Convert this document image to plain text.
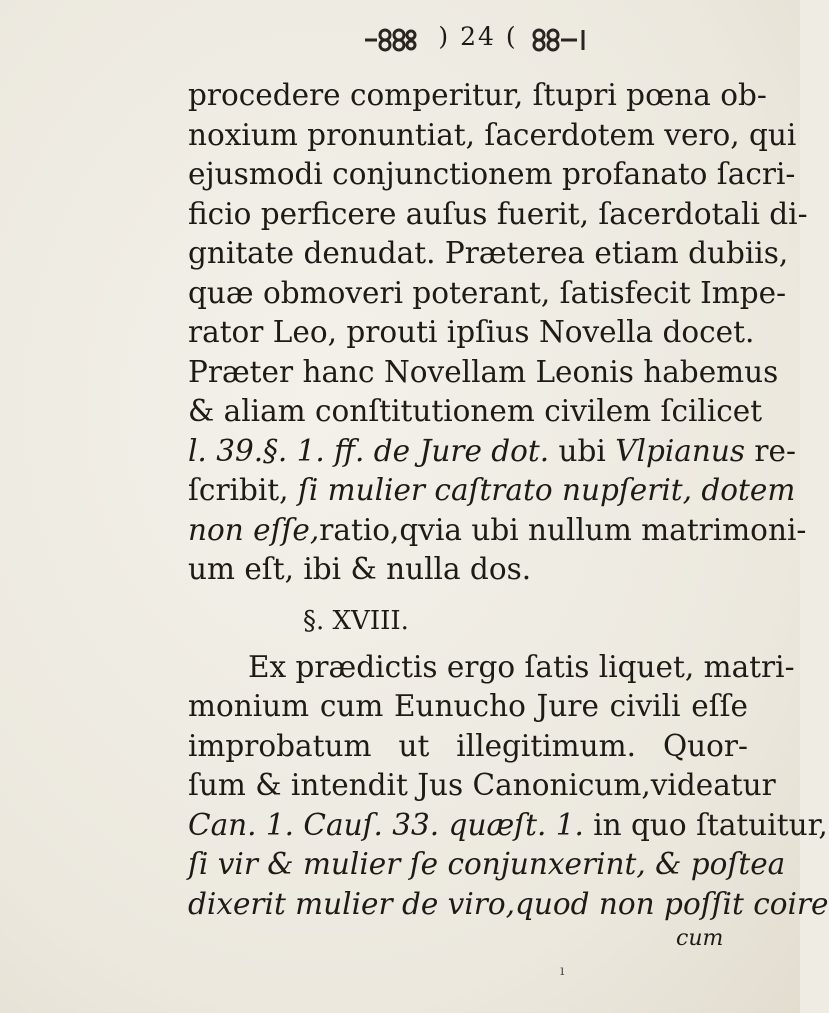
) 24 (
procedere comperitur, ſtupri pœna ob-
noxium pronuntiat, ſacerdotem vero, qui
ejusmodi conjunctionem profanato ſacri-
ficio perficere auſus fuerit, ſacerdotali di-
gnitate denudat. Præterea etiam dubiis,
quæ obmoveri poterant, ſatisfecit Impe-
rator Leo, prouti ipſius Novella docet.
Præter hanc Novellam Leonis habemus
& aliam conſtitutionem civilem ſcilicet
l. 39.§. 1. ff. de Jure dot. ubi Vlpianus re-
ſcribit, ſi mulier caſtrato nupſerit, dotem
non eſſe,ratio,qvia ubi nullum matrimoni-
um eſt, ibi & nulla dos.
§. XVIII.
Ex prædictis ergo ſatis liquet, matri-
monium cum Eunucho Jure civili eſſe
improbatum ut illegitimum. Quor-
ſum & intendit Jus Canonicum,videatur
Can. 1. Cauſ. 33. quæſt. 1. in quo ſtatuitur,
ſi vir & mulier ſe conjunxerint, & poſtea
dixerit mulier de viro,quod non poſſit coire
cum
ı
